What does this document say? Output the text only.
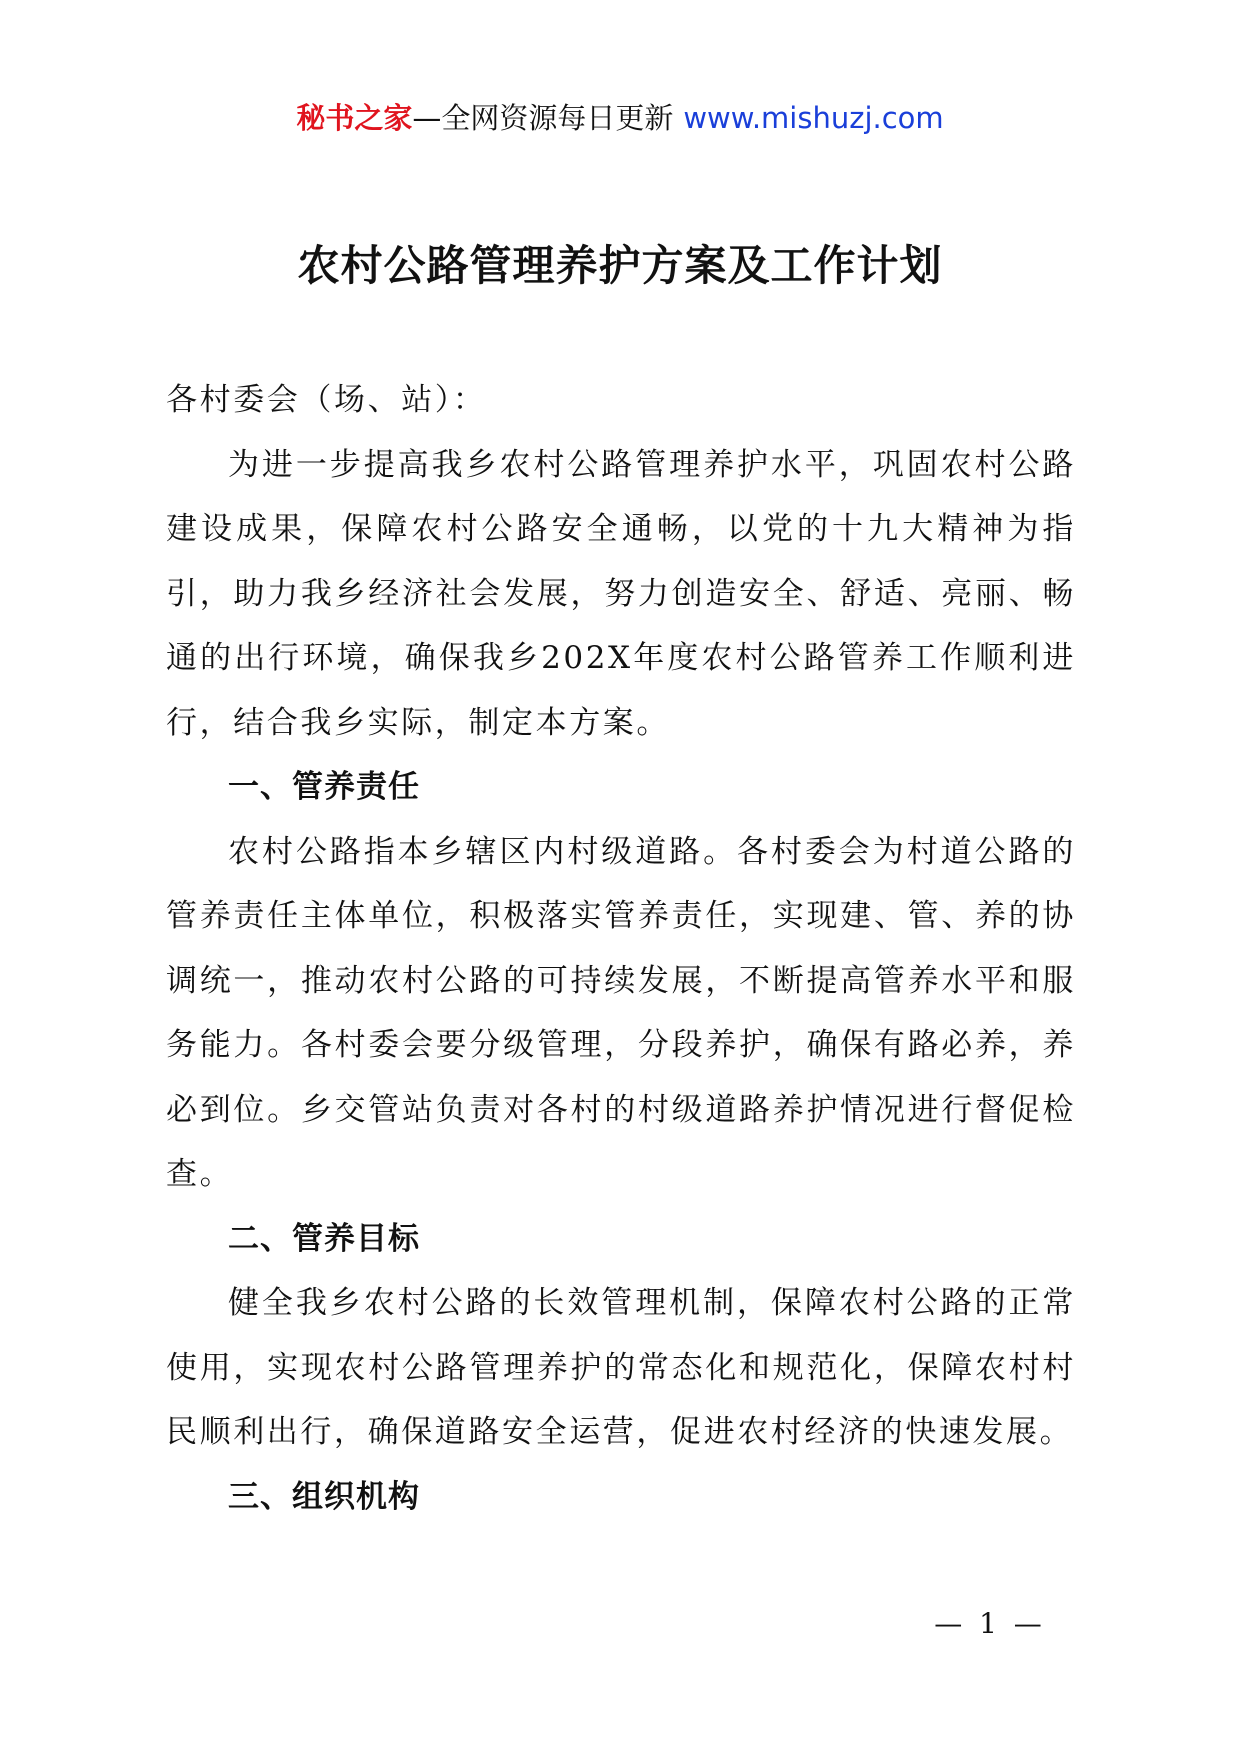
秘书之家—全网资源每日更新 www.mishuzj.com
农村公路管理养护方案及工作计划

各村委会（场、站）：

为进一步提高我乡农村公路管理养护水平，巩固农村公路建设成果，保障农村公路安全通畅，以党的十九大精神为指引，助力我乡经济社会发展，努力创造安全、舒适、亮丽、畅通的出行环境，确保我乡202X年度农村公路管养工作顺利进行，结合我乡实际，制定本方案。

一、管养责任

农村公路指本乡辖区内村级道路。各村委会为村道公路的管养责任主体单位，积极落实管养责任，实现建、管、养的协调统一，推动农村公路的可持续发展，不断提高管养水平和服务能力。各村委会要分级管理，分段养护，确保有路必养，养必到位。乡交管站负责对各村的村级道路养护情况进行督促检查。

二、管养目标

健全我乡农村公路的长效管理机制，保障农村公路的正常使用，实现农村公路管理养护的常态化和规范化，保障农村村民顺利出行，确保道路安全运营，促进农村经济的快速发展。

三、组织机构

— 1 —
